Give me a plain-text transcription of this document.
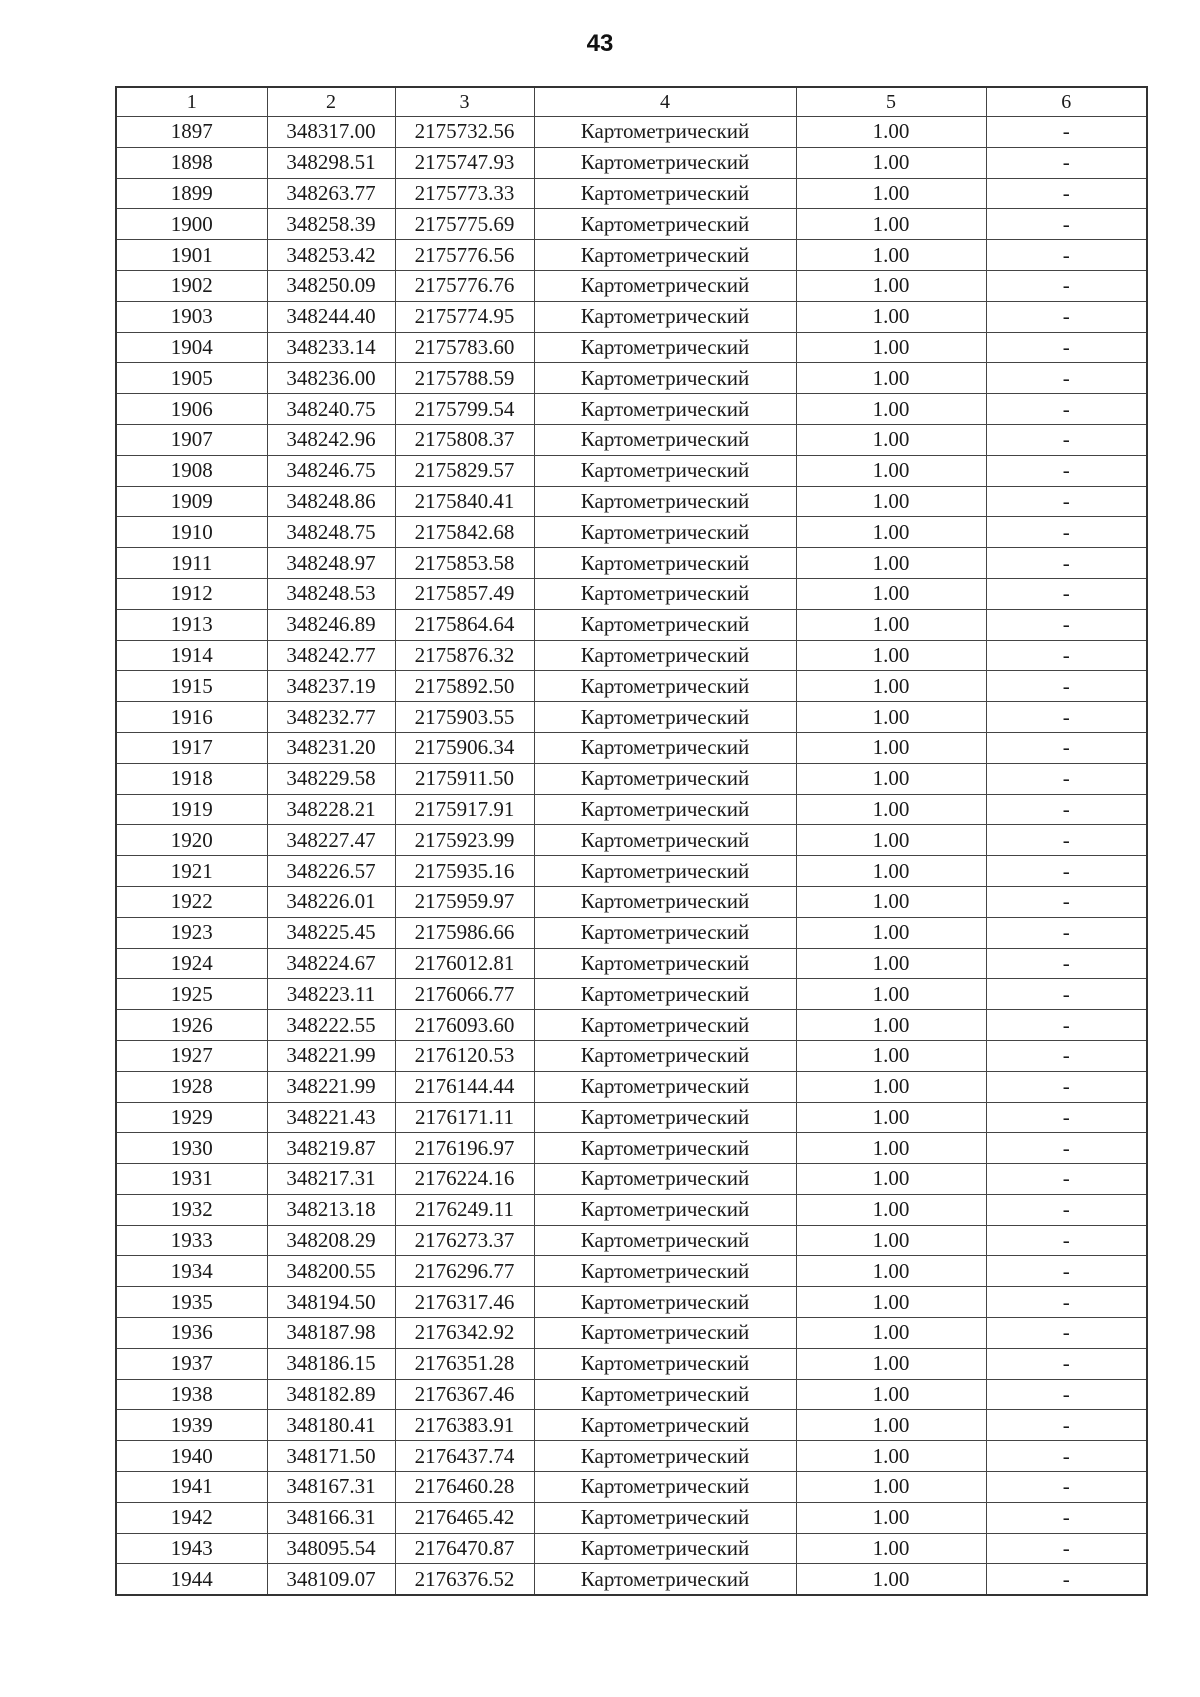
43
1	2	3	4	5	6
1897	348317.00	2175732.56	Картометрический	1.00	-
1898	348298.51	2175747.93	Картометрический	1.00	-
1899	348263.77	2175773.33	Картометрический	1.00	-
1900	348258.39	2175775.69	Картометрический	1.00	-
1901	348253.42	2175776.56	Картометрический	1.00	-
1902	348250.09	2175776.76	Картометрический	1.00	-
1903	348244.40	2175774.95	Картометрический	1.00	-
1904	348233.14	2175783.60	Картометрический	1.00	-
1905	348236.00	2175788.59	Картометрический	1.00	-
1906	348240.75	2175799.54	Картометрический	1.00	-
1907	348242.96	2175808.37	Картометрический	1.00	-
1908	348246.75	2175829.57	Картометрический	1.00	-
1909	348248.86	2175840.41	Картометрический	1.00	-
1910	348248.75	2175842.68	Картометрический	1.00	-
1911	348248.97	2175853.58	Картометрический	1.00	-
1912	348248.53	2175857.49	Картометрический	1.00	-
1913	348246.89	2175864.64	Картометрический	1.00	-
1914	348242.77	2175876.32	Картометрический	1.00	-
1915	348237.19	2175892.50	Картометрический	1.00	-
1916	348232.77	2175903.55	Картометрический	1.00	-
1917	348231.20	2175906.34	Картометрический	1.00	-
1918	348229.58	2175911.50	Картометрический	1.00	-
1919	348228.21	2175917.91	Картометрический	1.00	-
1920	348227.47	2175923.99	Картометрический	1.00	-
1921	348226.57	2175935.16	Картометрический	1.00	-
1922	348226.01	2175959.97	Картометрический	1.00	-
1923	348225.45	2175986.66	Картометрический	1.00	-
1924	348224.67	2176012.81	Картометрический	1.00	-
1925	348223.11	2176066.77	Картометрический	1.00	-
1926	348222.55	2176093.60	Картометрический	1.00	-
1927	348221.99	2176120.53	Картометрический	1.00	-
1928	348221.99	2176144.44	Картометрический	1.00	-
1929	348221.43	2176171.11	Картометрический	1.00	-
1930	348219.87	2176196.97	Картометрический	1.00	-
1931	348217.31	2176224.16	Картометрический	1.00	-
1932	348213.18	2176249.11	Картометрический	1.00	-
1933	348208.29	2176273.37	Картометрический	1.00	-
1934	348200.55	2176296.77	Картометрический	1.00	-
1935	348194.50	2176317.46	Картометрический	1.00	-
1936	348187.98	2176342.92	Картометрический	1.00	-
1937	348186.15	2176351.28	Картометрический	1.00	-
1938	348182.89	2176367.46	Картометрический	1.00	-
1939	348180.41	2176383.91	Картометрический	1.00	-
1940	348171.50	2176437.74	Картометрический	1.00	-
1941	348167.31	2176460.28	Картометрический	1.00	-
1942	348166.31	2176465.42	Картометрический	1.00	-
1943	348095.54	2176470.87	Картометрический	1.00	-
1944	348109.07	2176376.52	Картометрический	1.00	-
